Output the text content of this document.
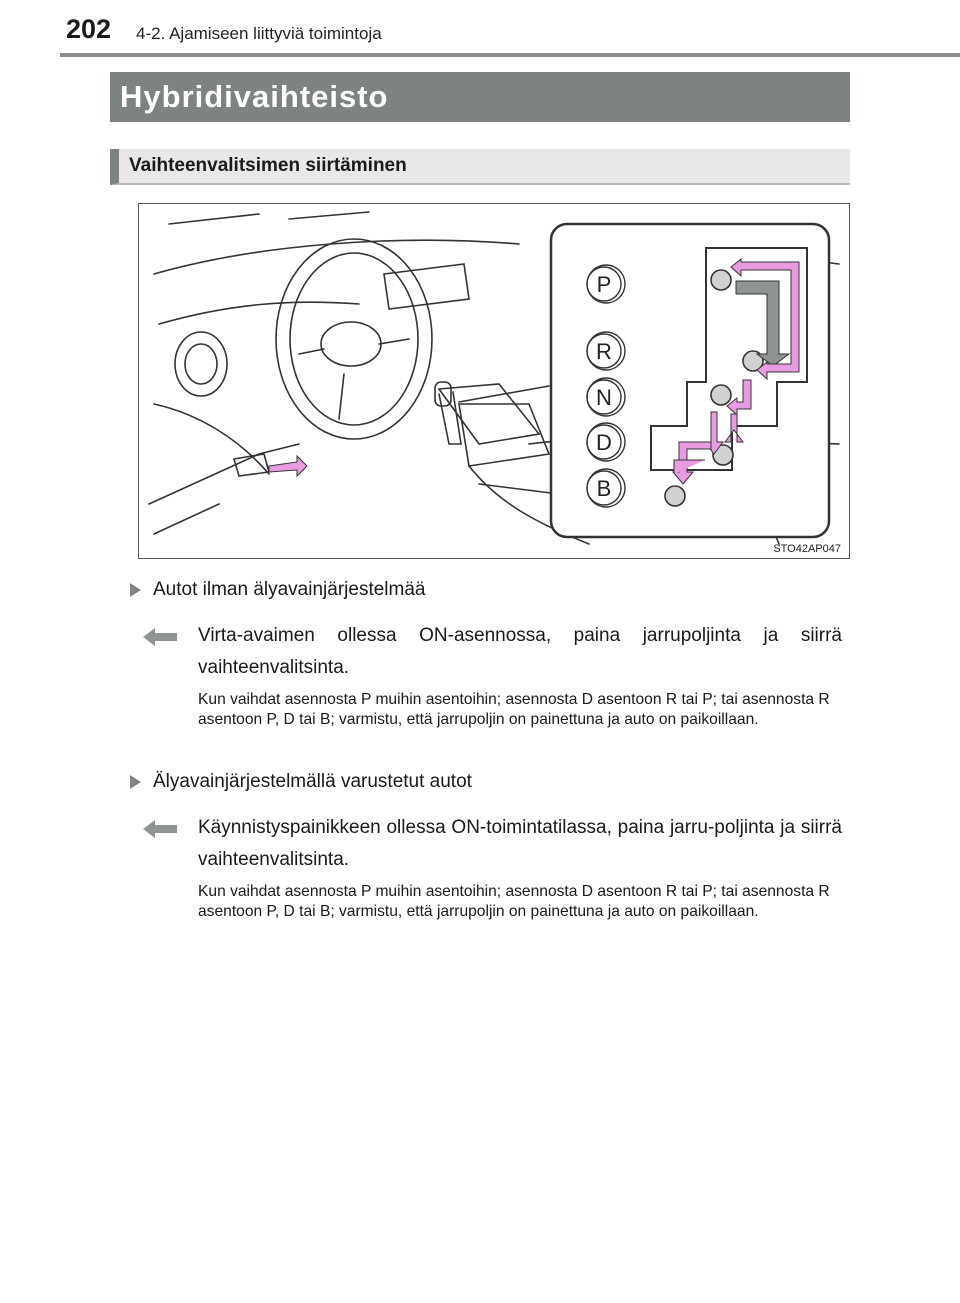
202 4-2. Ajamiseen liittyviä toimintoja
Hybridivaihteisto
Vaihteenvalitsimen siirtäminen
P
R
N
D
B
STO42AP047
Autot ilman älyavainjärjestelmää
Virta-avaimen ollessa ON-asennossa, paina jarrupoljinta ja siirrä vaihteenvalitsinta.
Kun vaihdat asennosta P muihin asentoihin; asennosta D asentoon R tai P; tai asennosta R asentoon P, D tai B; varmistu, että jarrupoljin on painettuna ja auto on paikoillaan.
Älyavainjärjestelmällä varustetut autot
Käynnistyspainikkeen ollessa ON-toimintatilassa, paina jarru-poljinta ja siirrä vaihteenvalitsinta.
Kun vaihdat asennosta P muihin asentoihin; asennosta D asentoon R tai P; tai asennosta R asentoon P, D tai B; varmistu, että jarrupoljin on painettuna ja auto on paikoillaan.
